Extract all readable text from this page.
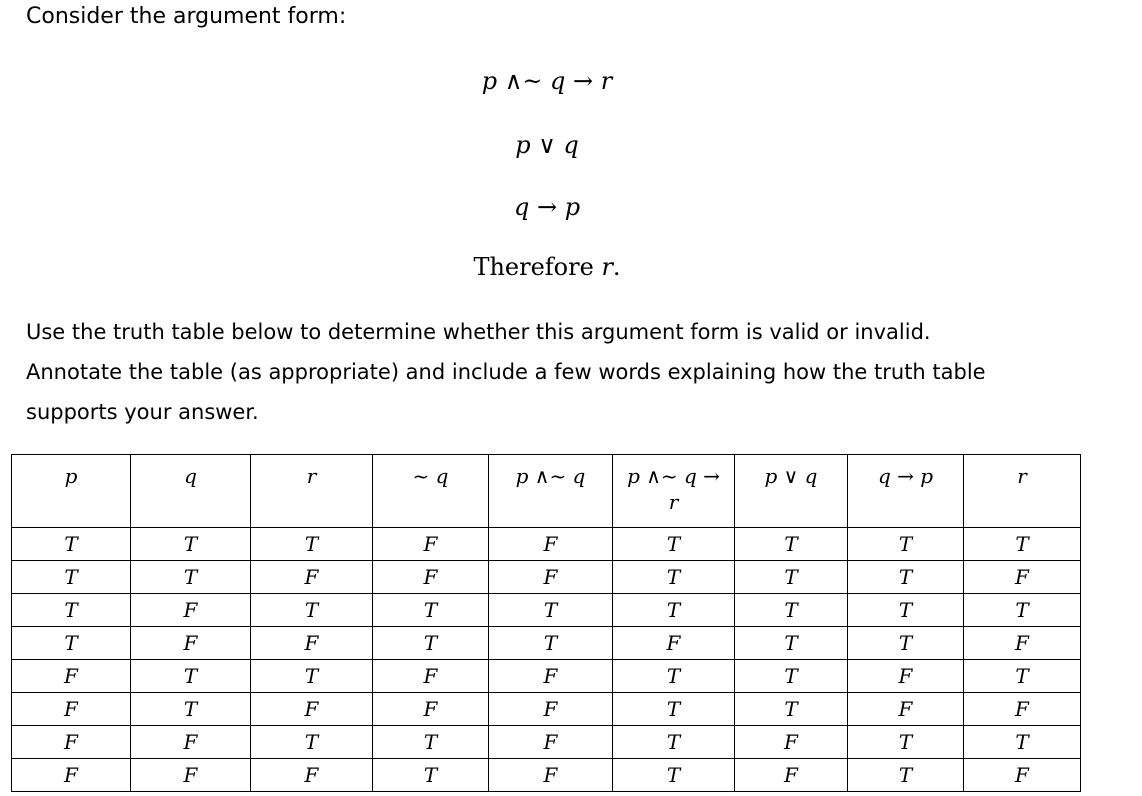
Consider the argument form:
p ∧~ q → r
p ∨ q
q → p
Therefore r.

Use the truth table below to determine whether this argument form is valid or invalid.
Annotate the table (as appropriate) and include a few words explaining how the truth table
supports your answer.

p	q	r	~ q	p ∧~ q	p ∧~ q → r	p ∨ q	q → p	r
T	T	T	F	F	T	T	T	T
T	T	F	F	F	T	T	T	F
T	F	T	T	T	T	T	T	T
T	F	F	T	T	F	T	T	F
F	T	T	F	F	T	T	F	T
F	T	F	F	F	T	T	F	F
F	F	T	T	F	T	F	T	T
F	F	F	T	F	T	F	T	F
